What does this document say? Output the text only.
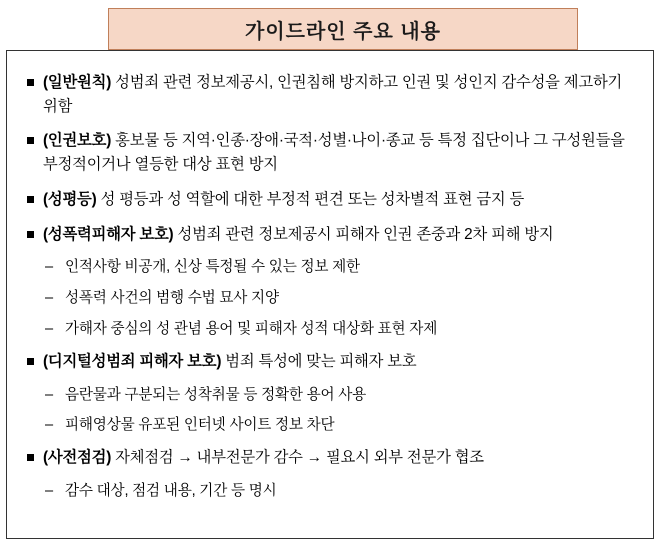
가이드라인 주요 내용
(일반원칙) 성범죄 관련 정보제공시, 인권침해 방지하고 인권 및 성인지 감수성을 제고하기 위함
(인권보호) 홍보물 등 지역·인종·장애·국적·성별·나이·종교 등 특정 집단이나 그 구성원들을 부정적이거나 열등한 대상 표현 방지
(성평등) 성 평등과 성 역할에 대한 부정적 편견 또는 성차별적 표현 금지 등
(성폭력피해자 보호) 성범죄 관련 정보제공시 피해자 인권 존중과 2차 피해 방지
– 인적사항 비공개, 신상 특정될 수 있는 정보 제한
– 성폭력 사건의 범행 수법 묘사 지양
– 가해자 중심의 성 관념 용어 및 피해자 성적 대상화 표현 자제
(디지털성범죄 피해자 보호) 범죄 특성에 맞는 피해자 보호
– 음란물과 구분되는 성착취물 등 정확한 용어 사용
– 피해영상물 유포된 인터넷 사이트 정보 차단
(사전점검) 자체점검 → 내부전문가 감수 → 필요시 외부 전문가 협조
– 감수 대상, 점검 내용, 기간 등 명시
